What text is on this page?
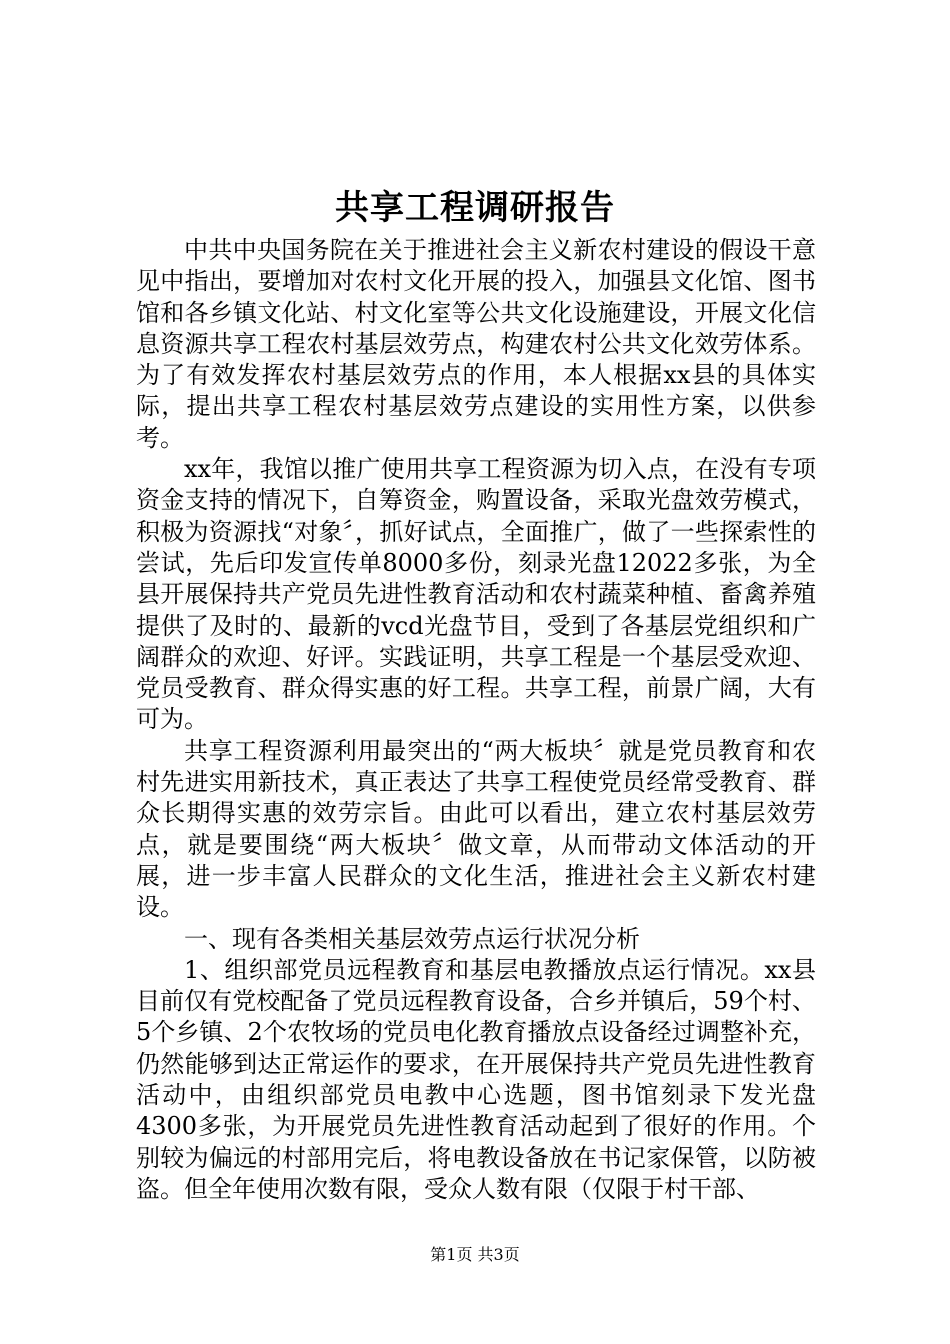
共享工程调研报告

中共中央国务院在关于推进社会主义新农村建设的假设干意见中指出，要增加对农村文化开展的投入，加强县文化馆、图书馆和各乡镇文化站、村文化室等公共文化设施建设，开展文化信息资源共享工程农村基层效劳点，构建农村公共文化效劳体系。为了有效发挥农村基层效劳点的作用，本人根据xx县的具体实际，提出共享工程农村基层效劳点建设的实用性方案，以供参考。

xx年，我馆以推广使用共享工程资源为切入点，在没有专项资金支持的情况下，自筹资金，购置设备，采取光盘效劳模式，积极为资源找“对象〞，抓好试点，全面推广，做了一些探索性的尝试，先后印发宣传单8000多份，刻录光盘12022多张，为全县开展保持共产党员先进性教育活动和农村蔬菜种植、畜禽养殖提供了及时的、最新的vcd光盘节目，受到了各基层党组织和广阔群众的欢迎、好评。实践证明，共享工程是一个基层受欢迎、党员受教育、群众得实惠的好工程。共享工程，前景广阔，大有可为。

共享工程资源利用最突出的“两大板块〞就是党员教育和农村先进实用新技术，真正表达了共享工程使党员经常受教育、群众长期得实惠的效劳宗旨。由此可以看出，建立农村基层效劳点，就是要围绕“两大板块〞做文章，从而带动文体活动的开展，进一步丰富人民群众的文化生活，推进社会主义新农村建设。

一、现有各类相关基层效劳点运行状况分析

1、组织部党员远程教育和基层电教播放点运行情况。xx县目前仅有党校配备了党员远程教育设备，合乡并镇后，59个村、5个乡镇、2个农牧场的党员电化教育播放点设备经过调整补充，仍然能够到达正常运作的要求，在开展保持共产党员先进性教育活动中，由组织部党员电教中心选题，图书馆刻录下发光盘4300多张，为开展党员先进性教育活动起到了很好的作用。个别较为偏远的村部用完后，将电教设备放在书记家保管，以防被盗。但全年使用次数有限，受众人数有限（仅限于村干部、

第1页 共3页
